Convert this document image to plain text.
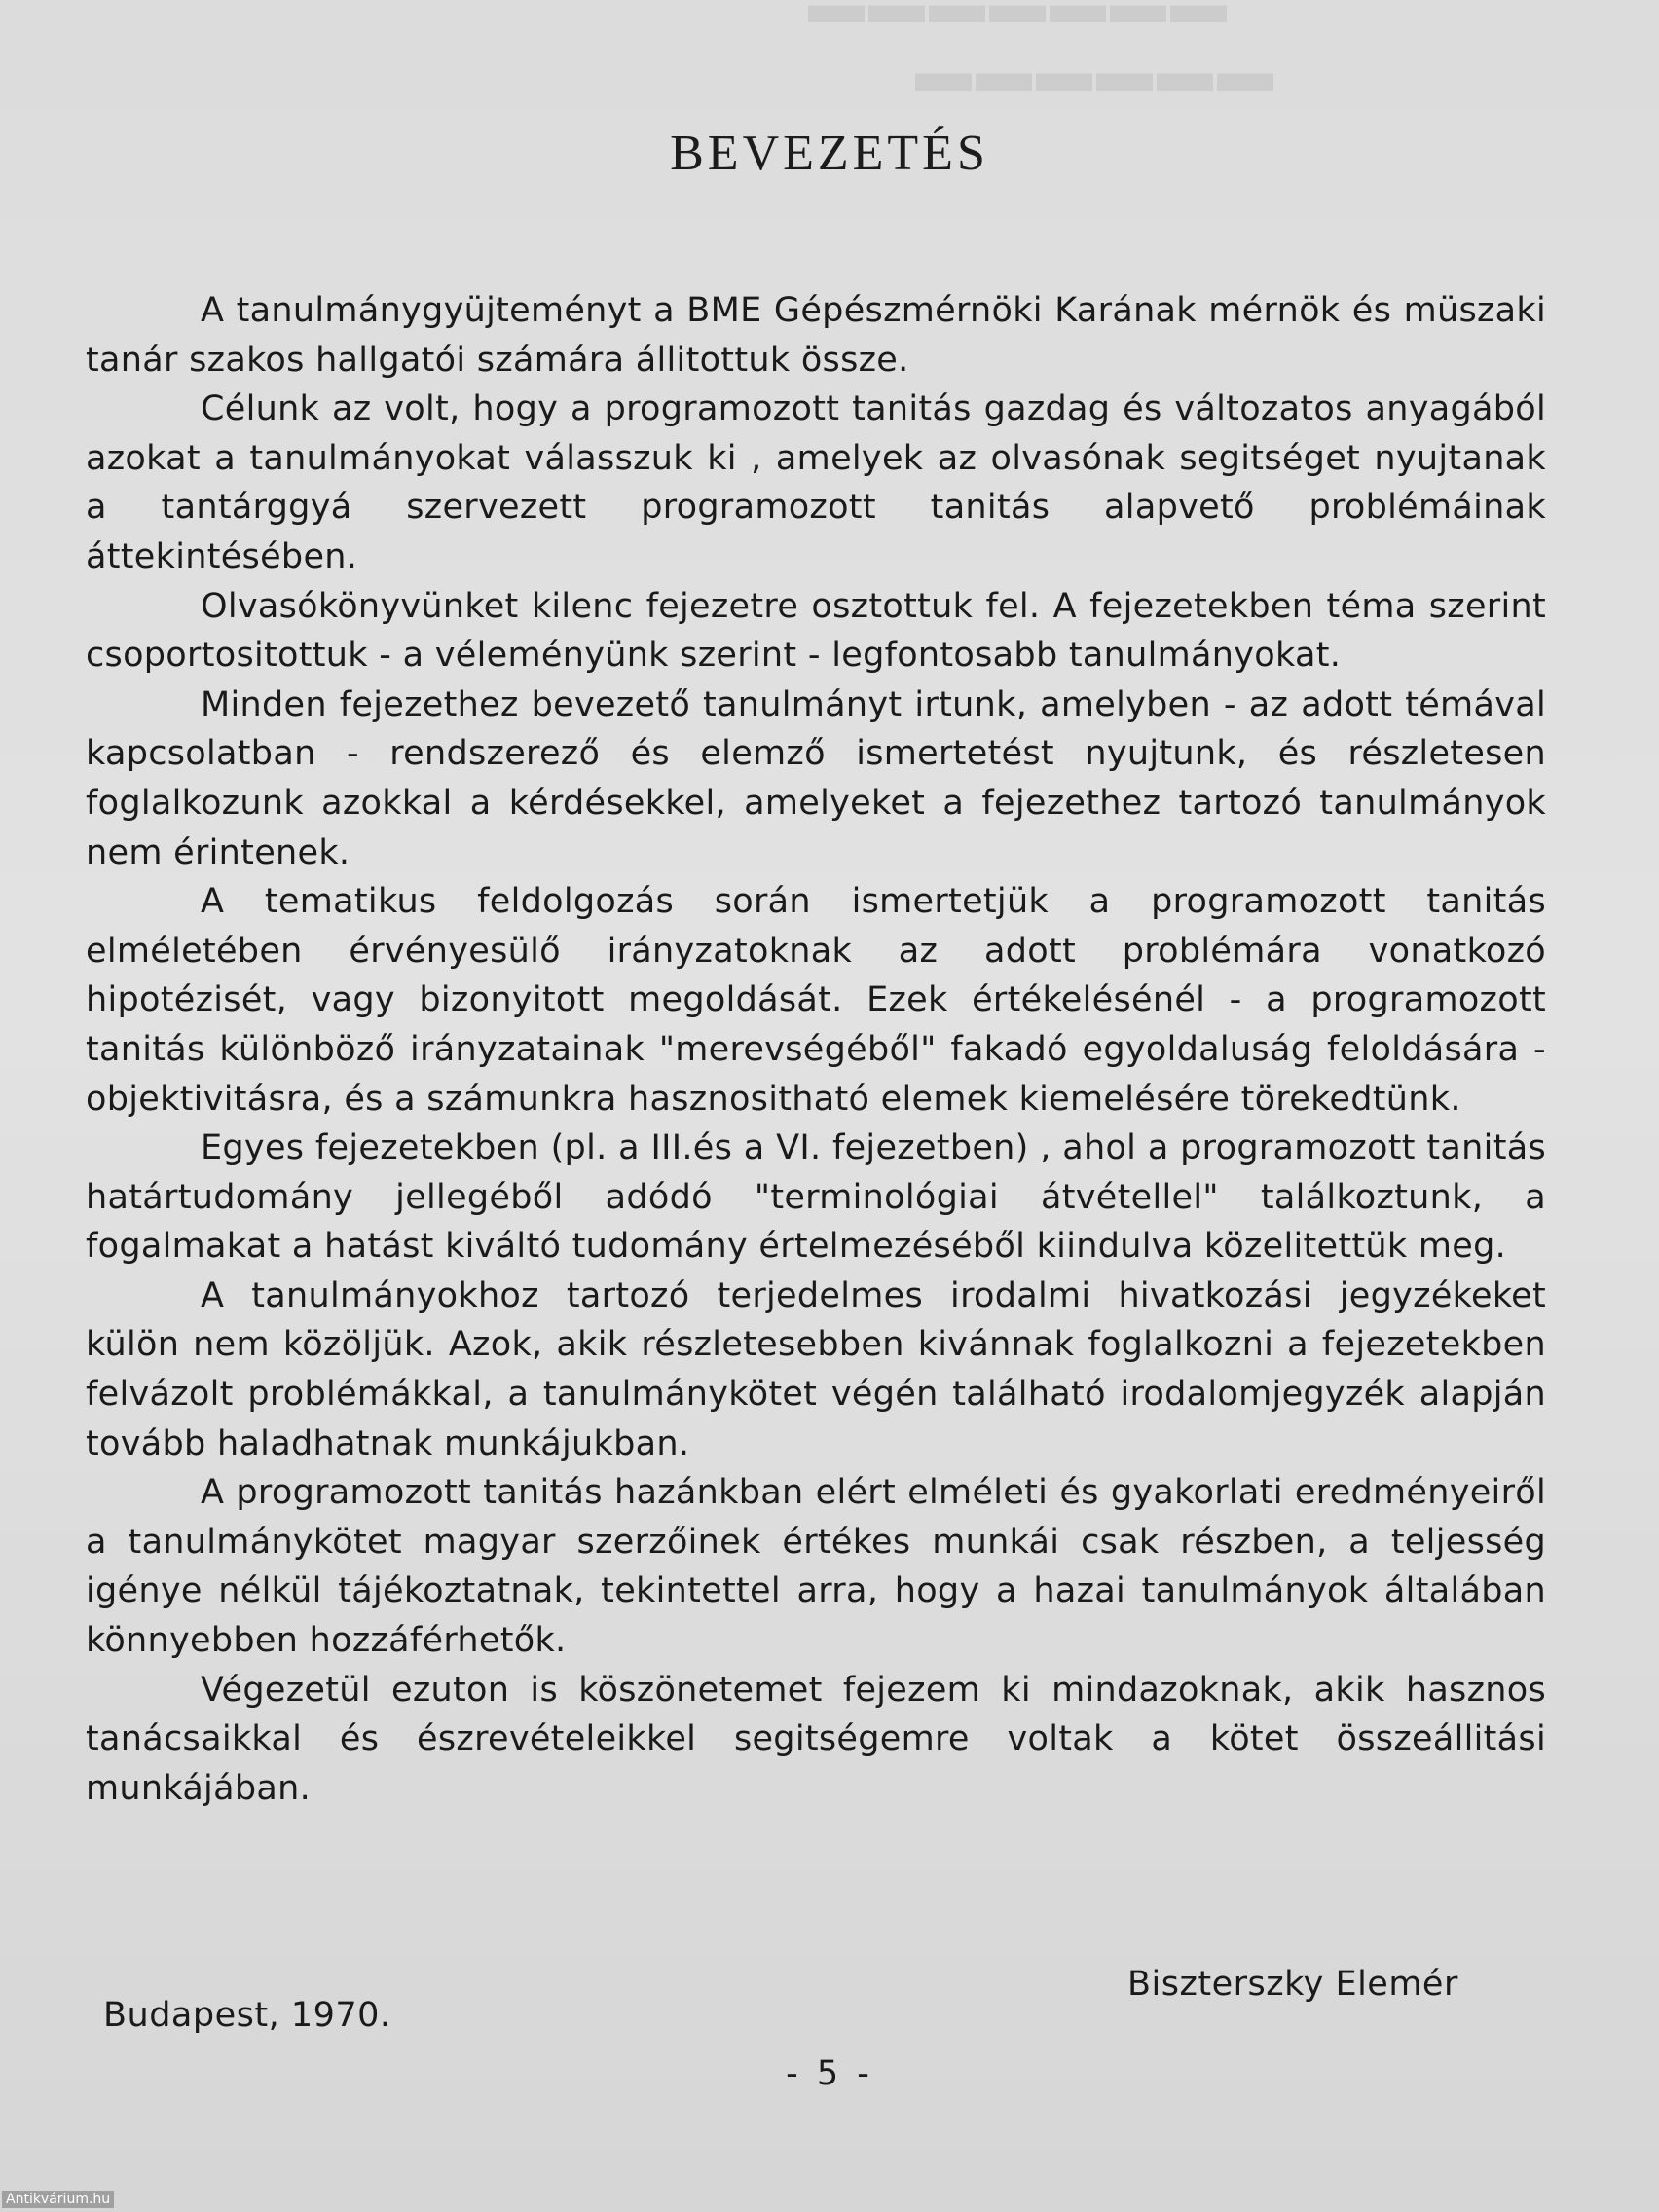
▬▬▬▬▬▬▬
▬▬▬▬▬▬
BEVEZETÉS

A tanulmánygyüjteményt a BME Gépészmérnöki Karának mérnök és müszaki tanár szakos hallgatói számára állitottuk össze.

Célunk az volt, hogy a programozott tanitás gazdag és változatos anyagából azokat a tanulmányokat válasszuk ki , amelyek az olvasónak segitséget nyujtanak a tantárggyá szervezett programozott tanitás alapvető problémáinak áttekintésében.

Olvasókönyvünket kilenc fejezetre osztottuk fel. A fejezetekben téma szerint csoportositottuk - a véleményünk szerint - legfontosabb tanulmányokat.

Minden fejezethez bevezető tanulmányt irtunk, amelyben - az adott témával kapcsolatban - rendszerező és elemző ismertetést nyujtunk, és részletesen foglalkozunk azokkal a kérdésekkel, amelyeket a fejezethez tartozó tanulmányok nem érintenek.

A tematikus feldolgozás során ismertetjük a programozott tanitás elméletében érvényesülő irányzatoknak az adott problémára vonatkozó hipotézisét, vagy bizonyitott megoldását. Ezek értékelésénél - a programozott tanitás különböző irányzatainak "merevségéből" fakadó egyoldaluság feloldására - objektivitásra, és a számunkra hasznositható elemek kiemelésére törekedtünk.

Egyes fejezetekben (pl. a III.és a VI. fejezetben) , ahol a programozott tanitás határtudomány jellegéből adódó "terminológiai átvétellel" találkoztunk, a fogalmakat a hatást kiváltó tudomány értelmezéséből kiindulva közelitettük meg.

A tanulmányokhoz tartozó terjedelmes irodalmi hivatkozási jegyzékeket külön nem közöljük. Azok, akik részletesebben kivánnak foglalkozni a fejezetekben felvázolt problémákkal, a tanulmánykötet végén található irodalomjegyzék alapján tovább haladhatnak munkájukban.

A programozott tanitás hazánkban elért elméleti és gyakorlati eredményeiről a tanulmánykötet magyar szerzőinek értékes munkái csak részben, a teljesség igénye nélkül tájékoztatnak, tekintettel arra, hogy a hazai tanulmányok általában könnyebben hozzáférhetők.

Végezetül ezuton is köszönetemet fejezem ki mindazoknak, akik hasznos tanácsaikkal és észrevételeikkel segitségemre voltak a kötet összeállitási munkájában.

Biszterszky Elemér
Budapest, 1970.
- 5 -
Antikvárium.hu
